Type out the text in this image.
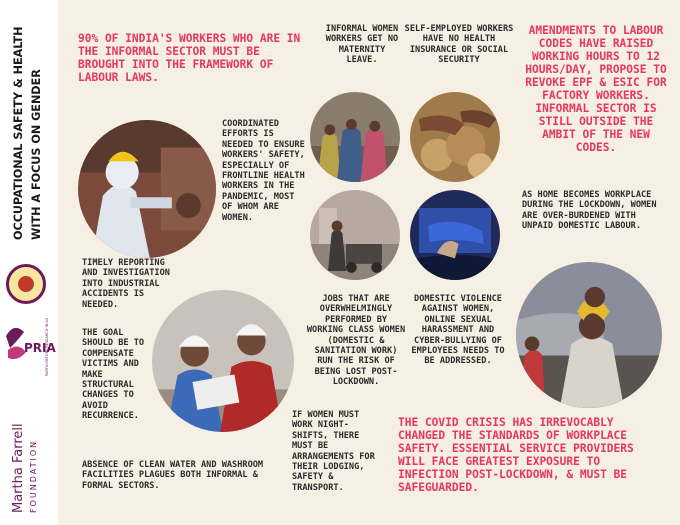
OCCUPATIONAL SAFETY & HEALTH WITH A FOCUS ON GENDER
PRIA
PARTICIPATORY RESEARCH IN ASIA
Martha Farrell FOUNDATION
90% OF INDIA'S WORKERS WHO ARE IN THE INFORMAL SECTOR MUST BE BROUGHT INTO THE FRAMEWORK OF LABOUR LAWS.
INFORMAL WOMEN WORKERS GET NO MATERNITY LEAVE.
SELF-EMPLOYED WORKERS HAVE NO HEALTH INSURANCE OR SOCIAL SECURITY
AMENDMENTS TO LABOUR CODES HAVE RAISED WORKING HOURS TO 12 HOURS/DAY, PROPOSE TO REVOKE EPF & ESIC FOR FACTORY WORKERS. INFORMAL SECTOR IS STILL OUTSIDE THE AMBIT OF THE NEW CODES.
COORDINATED EFFORTS IS NEEDED TO ENSURE WORKERS' SAFETY, ESPECIALLY OF FRONTLINE HEALTH WORKERS IN THE PANDEMIC, MOST OF WHOM ARE WOMEN.
AS HOME BECOMES WORKPLACE DURING THE LOCKDOWN, WOMEN ARE OVER-BURDENED WITH UNPAID DOMESTIC LABOUR.
TIMELY REPORTING AND INVESTIGATION INTO INDUSTRIAL ACCIDENTS IS NEEDED.
JOBS THAT ARE OVERWHELMINGLY PERFORMED BY WORKING CLASS WOMEN (DOMESTIC & SANITATION WORK) RUN THE RISK OF BEING LOST POST-LOCKDOWN.
DOMESTIC VIOLENCE AGAINST WOMEN, ONLINE SEXUAL HARASSMENT AND CYBER-BULLYING OF EMPLOYEES NEEDS TO BE ADDRESSED.
THE GOAL SHOULD BE TO COMPENSATE VICTIMS AND MAKE STRUCTURAL CHANGES TO AVOID RECURRENCE.	IF WOMEN MUST WORK NIGHT-SHIFTS, THERE MUST BE ARRANGEMENTS FOR THEIR LODGING, SAFETY & TRANSPORT.
THE COVID CRISIS HAS IRREVOCABLY CHANGED THE STANDARDS OF WORKPLACE SAFETY. ESSENTIAL SERVICE PROVIDERS WILL FACE GREATEST EXPOSURE TO INFECTION POST-LOCKDOWN, & MUST BE SAFEGUARDED.
ABSENCE OF CLEAN WATER AND WASHROOM FACILITIES PLAGUES BOTH INFORMAL & FORMAL SECTORS.
